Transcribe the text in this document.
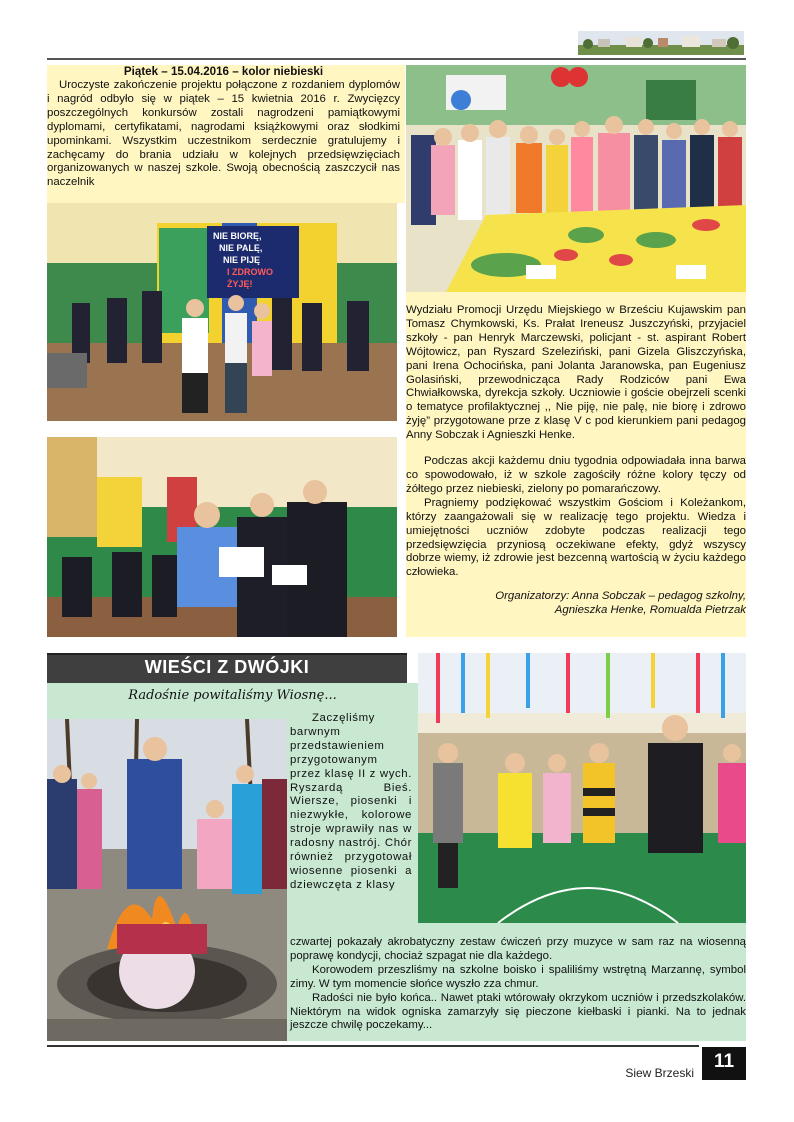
Piątek – 15.04.2016 – kolor niebieski

Uroczyste zakończenie projektu połączone z rozdaniem dyplomów i nagród odbyło się w piątek – 15 kwietnia 2016 r. Zwycięzcy poszczególnych konkursów zostali nagrodzeni pamiątkowymi dyplomami, certyfikatami, nagrodami książkowymi oraz słodkimi upominkami. Wszystkim uczestnikom serdecznie gratulujemy i zachęcamy do brania udziału w kolejnych przedsięwzięciach organizowanych w naszej szkole. Swoją obecnością zaszczycił nas naczelnik

NIE BIORĘ,
NIE PALĘ,
NIE PIJĘ
I ZDROWO ŻYJĘ!

Wydziału Promocji Urzędu Miejskiego w Brześciu Kujawskim pan Tomasz Chymkowski, Ks. Prałat Ireneusz Juszczyński, przyjaciel szkoły - pan Henryk Marczewski, policjant - st. aspirant Robert Wójtowicz, pan Ryszard Szeleziński, pani Gizela Gliszczyńska, pani Irena Ochocińska, pani Jolanta Jaranowska, pan Eugeniusz Golasiński, przewodnicząca Rady Rodziców pani Ewa Chwiałkowska, dyrekcja szkoły. Uczniowie i goście obejrzeli scenki o tematyce profilaktycznej ,, Nie piję, nie palę, nie biorę i zdrowo żyję” przygotowane prze z klasę V c pod kierunkiem pani pedagog Anny Sobczak i Agnieszki Henke.

Podczas akcji każdemu dniu tygodnia odpowiadała inna barwa co spowodowało, iż w szkole zagościły różne kolory tęczy od żółtego przez niebieski, zielony po pomarańczowy.

Pragniemy podziękować wszystkim Gościom i Koleżankom, którzy zaangażowali się w realizację tego projektu. Wiedza i umiejętności uczniów zdobyte podczas realizacji tego przedsięwzięcia przyniosą oczekiwane efekty, gdyż wszyscy dobrze wiemy, iż zdrowie jest bezcenną wartością w życiu każdego człowieka.

Organizatorzy: Anna Sobczak – pedagog szkolny,
Agnieszka Henke, Romualda Pietrzak
WIEŚCI Z DWÓJKI
Radośnie powitaliśmy Wiosnę...

Zaczęliśmy barwnym przedstawieniem przygotowanym przez klasę II z wych. Ryszardą Bieś. Wiersze, piosenki i niezwykłe, kolorowe stroje wprawiły nas w radosny nastrój. Chór również przygotował wiosenne piosenki a dziewczęta z klasy

czwartej pokazały akrobatyczny zestaw ćwiczeń przy muzyce w sam raz na wiosenną poprawę kondycji, chociaż szpagat nie dla każdego.

Korowodem przeszliśmy na szkolne boisko i spaliliśmy wstrętną Marzannę, symbol zimy. W tym momencie słońce wyszło zza chmur.

Radości nie było końca.. Nawet ptaki wtórowały okrzykom uczniów i przedszkolaków. Niektórym na widok ogniska zamarzyły się pieczone kiełbaski i pianki. Na to jednak jeszcze chwilę poczekamy...

Siew Brzeski
11
